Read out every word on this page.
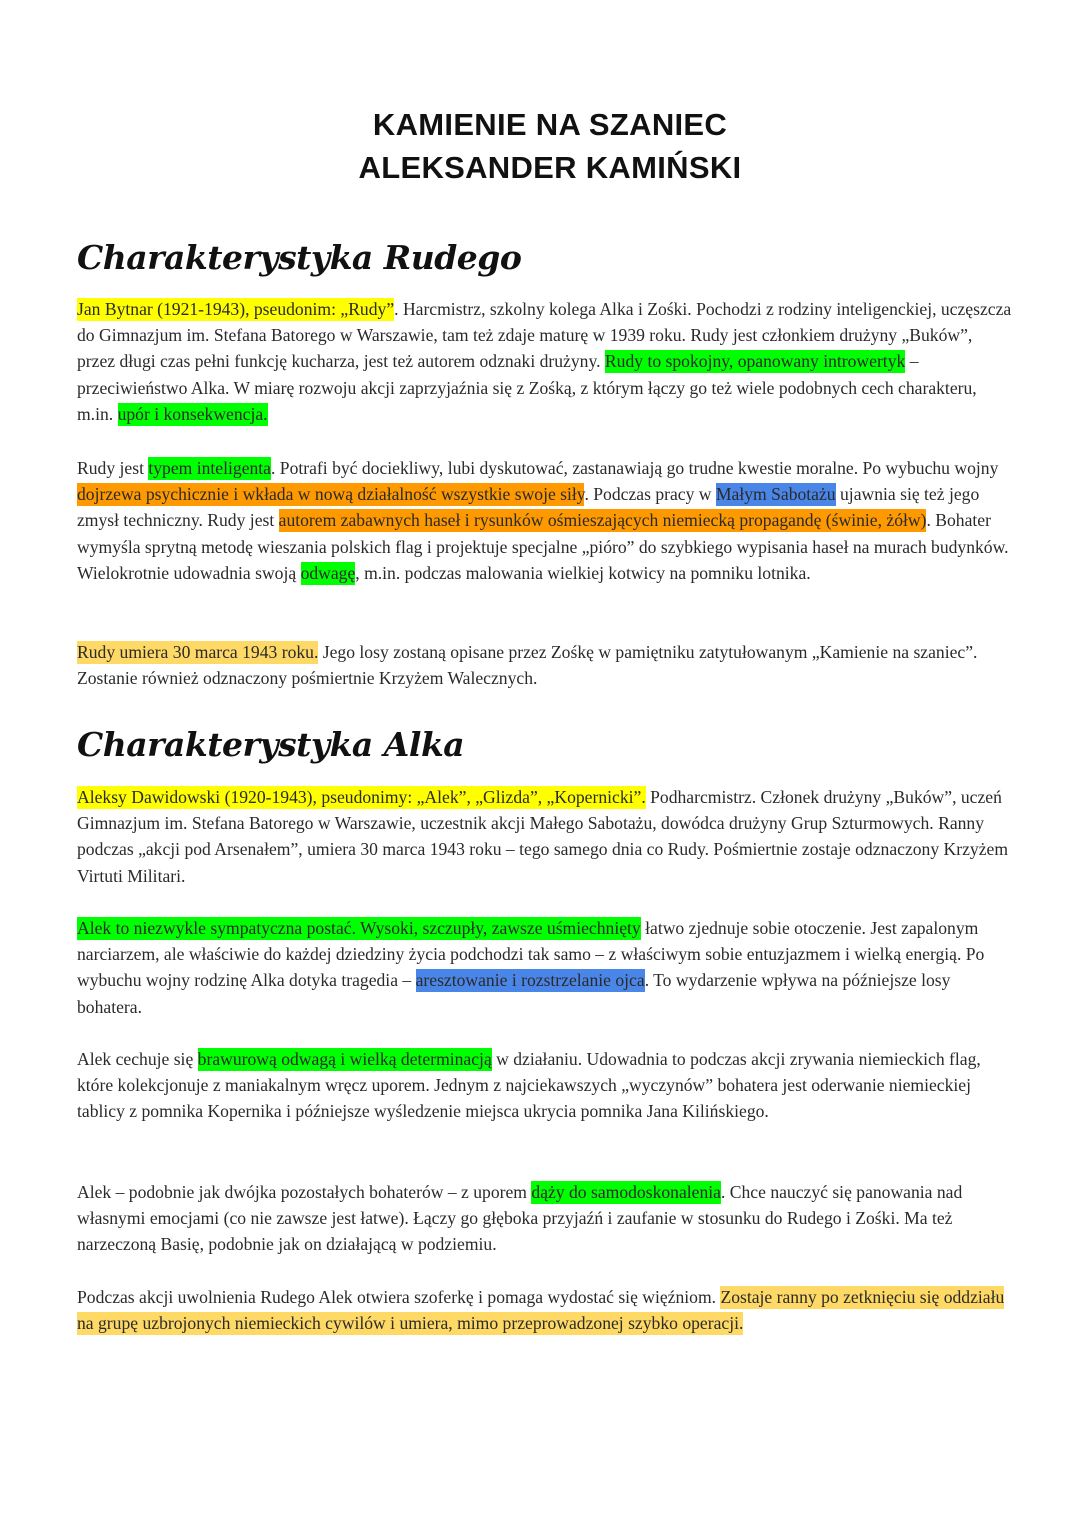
KAMIENIE NA SZANIEC
ALEKSANDER KAMIŃSKI
Charakterystyka Rudego

Jan Bytnar (1921-1943), pseudonim: „Rudy”. Harcmistrz, szkolny kolega Alka i Zośki. Pochodzi z rodziny inteligenckiej, uczęszcza do Gimnazjum im. Stefana Batorego w Warszawie, tam też zdaje maturę w 1939 roku. Rudy jest członkiem drużyny „Buków”, przez długi czas pełni funkcję kucharza, jest też autorem odznaki drużyny. Rudy to spokojny, opanowany introwertyk – przeciwieństwo Alka. W miarę rozwoju akcji zaprzyjaźnia się z Zośką, z którym łączy go też wiele podobnych cech charakteru, m.in. upór i konsekwencja.

Rudy jest typem inteligenta. Potrafi być dociekliwy, lubi dyskutować, zastanawiają go trudne kwestie moralne. Po wybuchu wojny dojrzewa psychicznie i wkłada w nową działalność wszystkie swoje siły. Podczas pracy w Małym Sabotażu ujawnia się też jego zmysł techniczny. Rudy jest autorem zabawnych haseł i rysunków ośmieszających niemiecką propagandę (świnie, żółw). Bohater wymyśla sprytną metodę wieszania polskich flag i projektuje specjalne „pióro” do szybkiego wypisania haseł na murach budynków. Wielokrotnie udowadnia swoją odwagę, m.in. podczas malowania wielkiej kotwicy na pomniku lotnika.

Rudy umiera 30 marca 1943 roku. Jego losy zostaną opisane przez Zośkę w pamiętniku zatytułowanym „Kamienie na szaniec”. Zostanie również odznaczony pośmiertnie Krzyżem Walecznych.

Charakterystyka Alka

Aleksy Dawidowski (1920-1943), pseudonimy: „Alek”, „Glizda”, „Kopernicki”. Podharcmistrz. Członek drużyny „Buków”, uczeń Gimnazjum im. Stefana Batorego w Warszawie, uczestnik akcji Małego Sabotażu, dowódca drużyny Grup Szturmowych. Ranny podczas „akcji pod Arsenałem”, umiera 30 marca 1943 roku – tego samego dnia co Rudy. Pośmiertnie zostaje odznaczony Krzyżem Virtuti Militari.

Alek to niezwykle sympatyczna postać. Wysoki, szczupły, zawsze uśmiechnięty łatwo zjednuje sobie otoczenie. Jest zapalonym narciarzem, ale właściwie do każdej dziedziny życia podchodzi tak samo – z właściwym sobie entuzjazmem i wielką energią. Po wybuchu wojny rodzinę Alka dotyka tragedia – aresztowanie i rozstrzelanie ojca. To wydarzenie wpływa na późniejsze losy bohatera.

Alek cechuje się brawurową odwagą i wielką determinacją w działaniu. Udowadnia to podczas akcji zrywania niemieckich flag, które kolekcjonuje z maniakalnym wręcz uporem. Jednym z najciekawszych „wyczynów” bohatera jest oderwanie niemieckiej tablicy z pomnika Kopernika i późniejsze wyśledzenie miejsca ukrycia pomnika Jana Kilińskiego.

Alek – podobnie jak dwójka pozostałych bohaterów – z uporem dąży do samodoskonalenia. Chce nauczyć się panowania nad własnymi emocjami (co nie zawsze jest łatwe). Łączy go głęboka przyjaźń i zaufanie w stosunku do Rudego i Zośki. Ma też narzeczoną Basię, podobnie jak on działającą w podziemiu.

Podczas akcji uwolnienia Rudego Alek otwiera szoferkę i pomaga wydostać się więźniom. Zostaje ranny po zetknięciu się oddziału na grupę uzbrojonych niemieckich cywilów i umiera, mimo przeprowadzonej szybko operacji.
